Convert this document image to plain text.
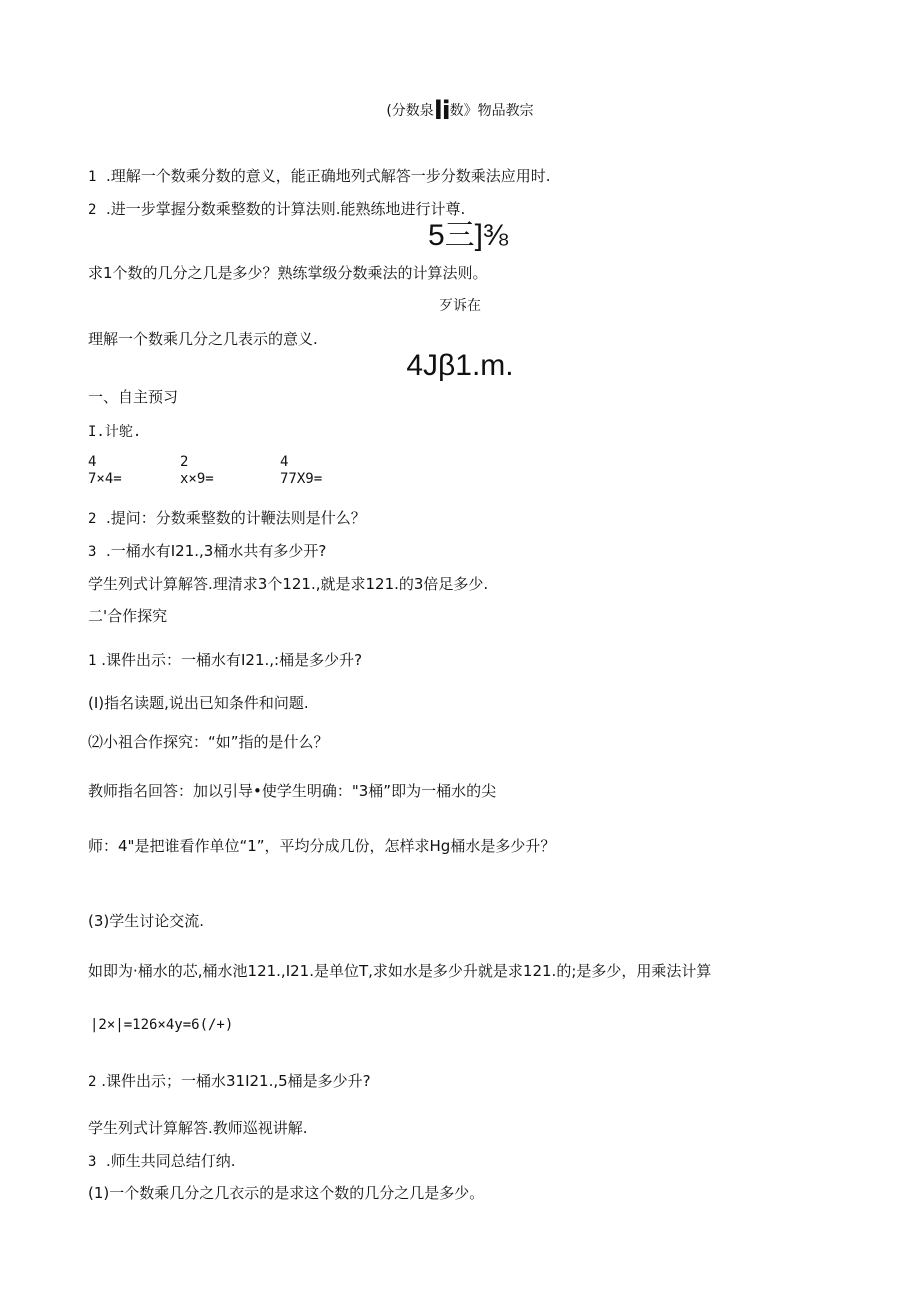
(分数泉li数》物品教宗
1 .理解一个数乘分数的意义，能正确地列式解答一步分数乘法应用时.
2 .进一步掌握分数乘整数的计算法则.能熟练地进行计尊.
5三]⅜
求1个数的几分之几是多少？熟练掌级分数乘法的计算法则。
歹诉在
理解一个数乘几分之几表示的意义.
4Jβ1.m.
一、自主预习
I.计鸵.
4
7×4=
2
x×9=
4
77X9=
2 .提问：分数乘整数的计鞭法则是什么？
3 .一桶水有I21.,3桶水共有多少开?
学生列式计算解答.理清求3个121.,就是求121.的3倍足多少.
二'合作探究
1 .课件出示：一桶水有I21.,:桶是多少升?
(I)指名读题,说出已知条件和问题.
⑵小祖合作探究：“如”指的是什么？
教师指名回答：加以引导•使学生明确："3桶”即为一桶水的尖
师：4"是把谁看作单位“1”，平均分成几份，怎样求Hg桶水是多少升？
(3)学生讨论交流.
如即为·桶水的芯,桶水池121.,I21.是单位T,求如水是多少升就是求121.的;是多少，用乘法计算
|2×|=126×4y=6(/+)
2 .课件出示；一桶水31I21.,5桶是多少升?
学生列式计算解答.教师巡视讲解.
3 .师生共同总结仃纳.
(1)一个数乘几分之几衣示的是求这个数的几分之几是多少。
